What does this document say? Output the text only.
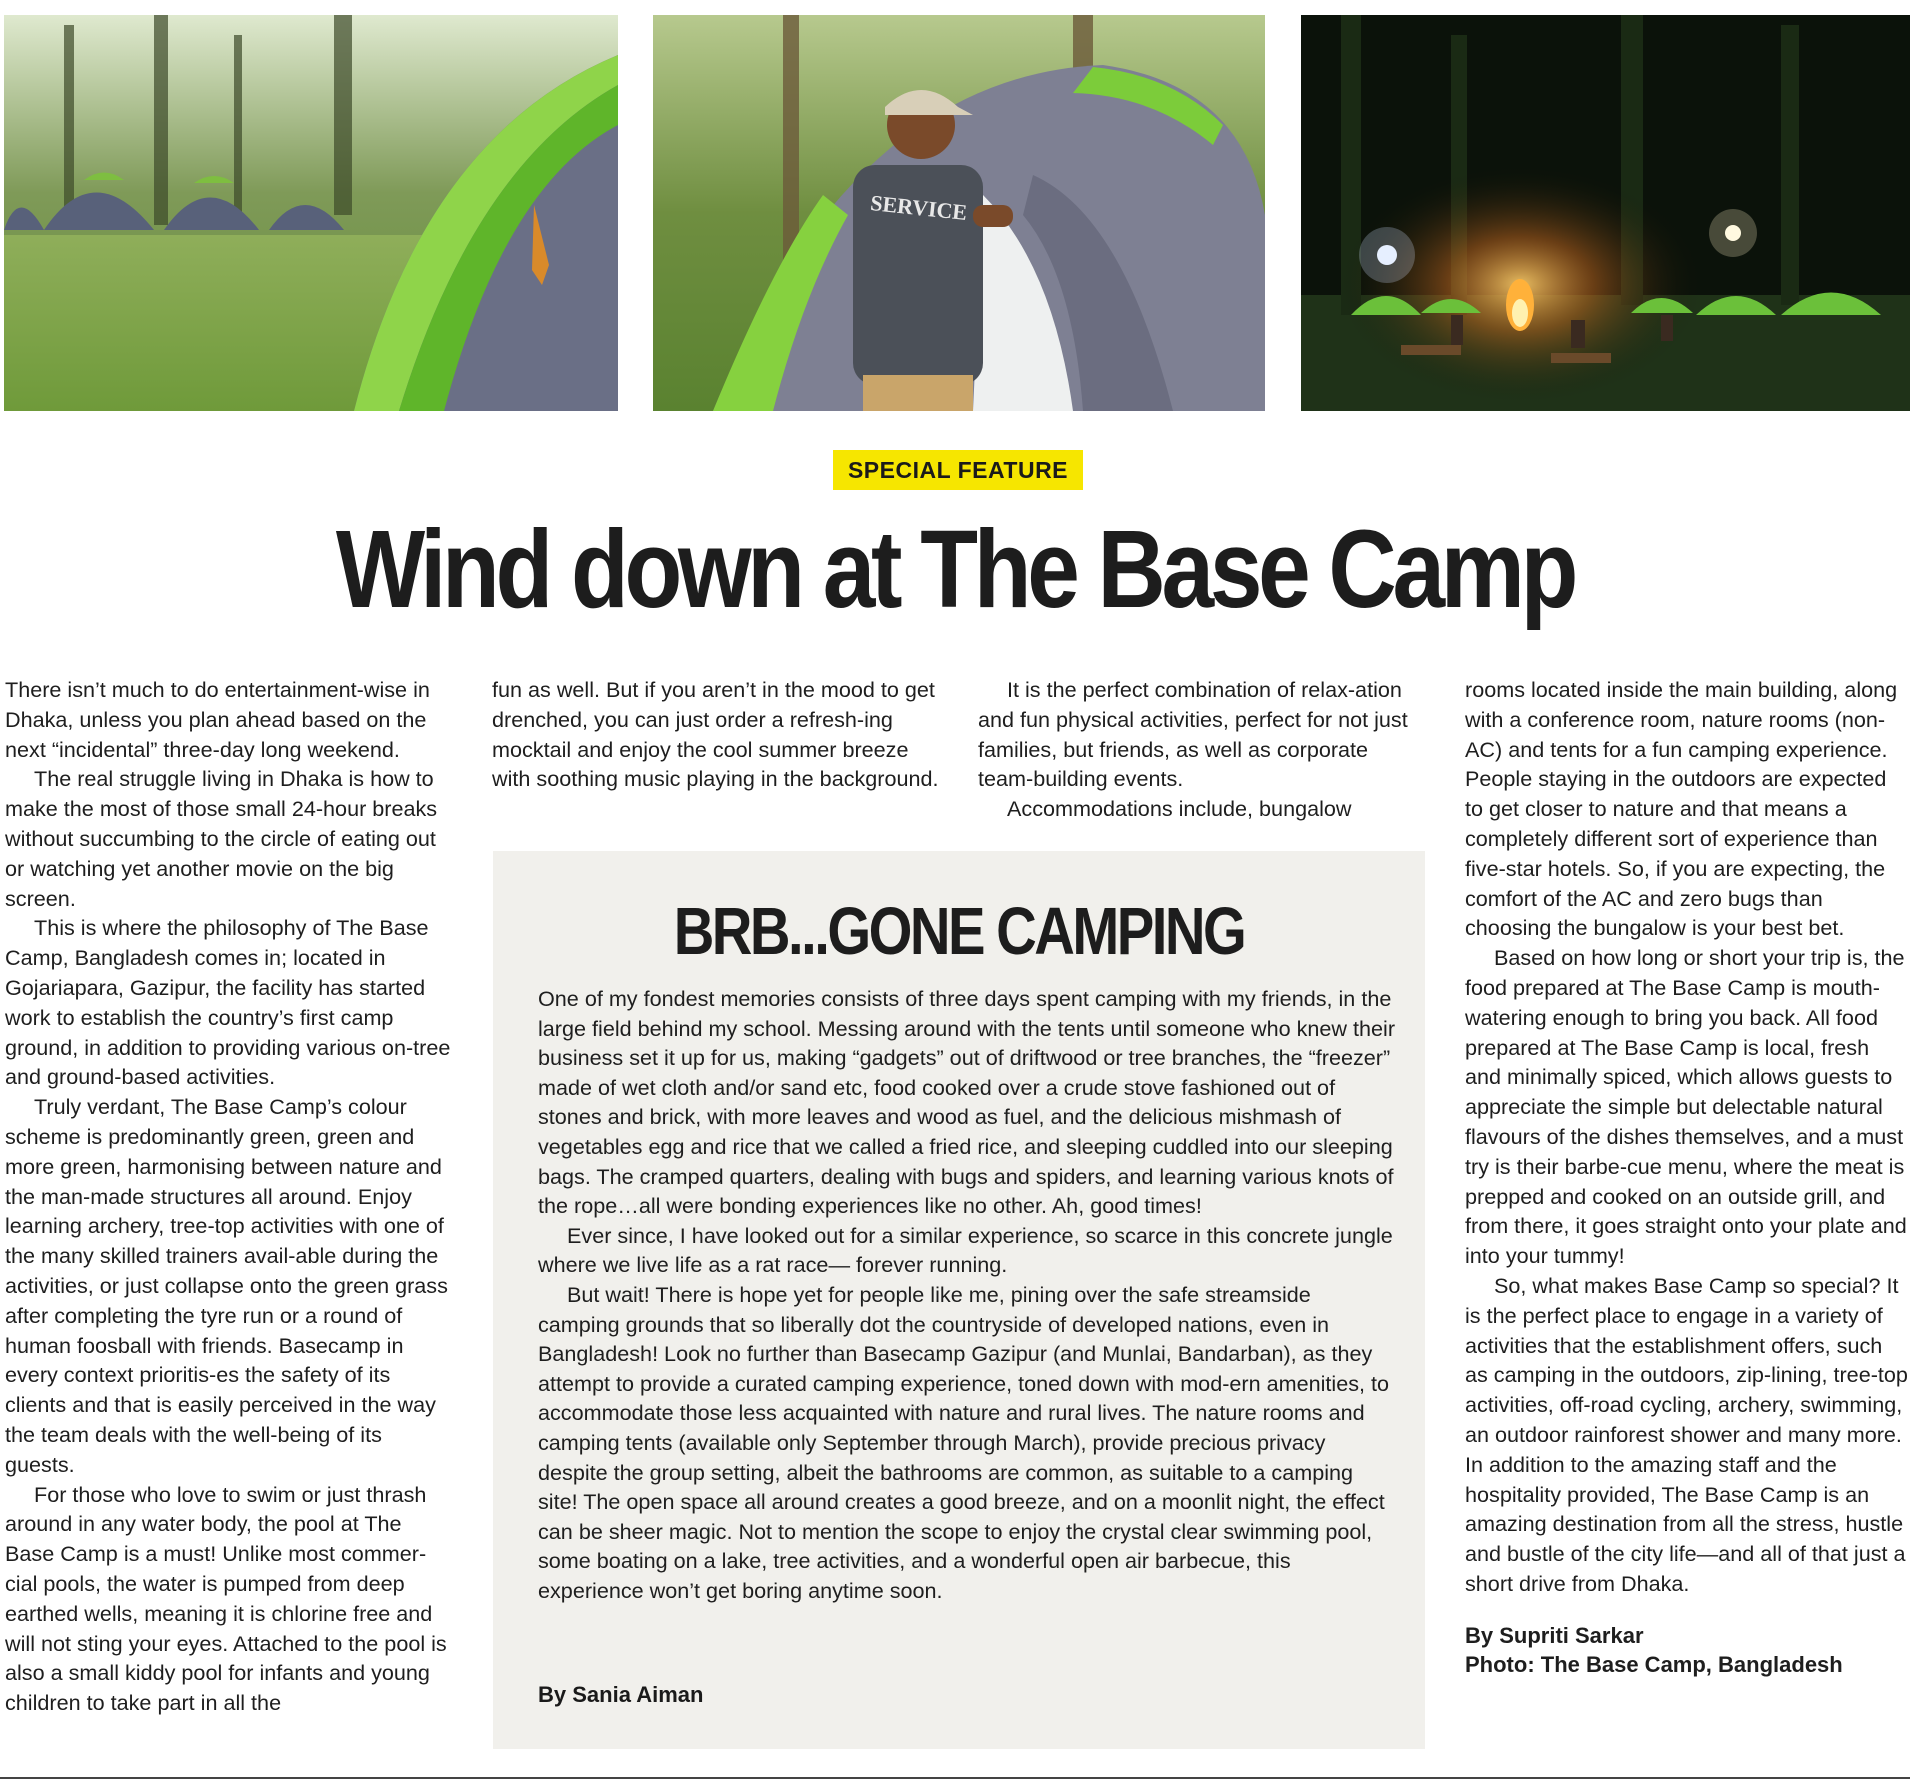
SERVICE
SPECIAL FEATURE
Wind down at The Base Camp

There isn’t much to do entertainment-wise in Dhaka, unless you plan ahead based on the next “incidental” three-day long weekend.

The real struggle living in Dhaka is how to make the most of those small 24-hour breaks without succumbing to the circle of eating out or watching yet another movie on the big screen.

This is where the philosophy of The Base Camp, Bangladesh comes in; located in Gojariapara, Gazipur, the facility has started work to establish the country’s first camp ground, in addition to providing various on-tree and ground-based activities.

Truly verdant, The Base Camp’s colour scheme is predominantly green, green and more green, harmonising between nature and the man-made structures all around. Enjoy learning archery, tree-top activities with one of the many skilled trainers avail-able during the activities, or just collapse onto the green grass after completing the tyre run or a round of human foosball with friends. Basecamp in every context prioritis-es the safety of its clients and that is easily perceived in the way the team deals with the well-being of its guests.

For those who love to swim or just thrash around in any water body, the pool at The Base Camp is a must! Unlike most commer-cial pools, the water is pumped from deep earthed wells, meaning it is chlorine free and will not sting your eyes. Attached to the pool is also a small kiddy pool for infants and young children to take part in all the

fun as well. But if you aren’t in the mood to get drenched, you can just order a refresh-ing mocktail and enjoy the cool summer breeze with soothing music playing in the background.

It is the perfect combination of relax-ation and fun physical activities, perfect for not just families, but friends, as well as corporate team-building events.

Accommodations include, bungalow

rooms located inside the main building, along with a conference room, nature rooms (non-AC) and tents for a fun camping experience. People staying in the outdoors are expected to get closer to nature and that means a completely different sort of experience than five-star hotels. So, if you are expecting, the comfort of the AC and zero bugs than choosing the bungalow is your best bet.

Based on how long or short your trip is, the food prepared at The Base Camp is mouth-watering enough to bring you back. All food prepared at The Base Camp is local, fresh and minimally spiced, which allows guests to appreciate the simple but delectable natural flavours of the dishes themselves, and a must try is their barbe-cue menu, where the meat is prepped and cooked on an outside grill, and from there, it goes straight onto your plate and into your tummy!

So, what makes Base Camp so special? It is the perfect place to engage in a variety of activities that the establishment offers, such as camping in the outdoors, zip-lining, tree-top activities, off-road cycling, archery, swimming, an outdoor rainforest shower and many more. In addition to the amazing staff and the hospitality provided, The Base Camp is an amazing destination from all the stress, hustle and bustle of the city life—and all of that just a short drive from Dhaka.

By Supriti Sarkar
Photo: The Base Camp, Bangladesh
BRB...GONE CAMPING

One of my fondest memories consists of three days spent camping with my friends, in the large field behind my school. Messing around with the tents until someone who knew their business set it up for us, making “gadgets” out of driftwood or tree branches, the “freezer” made of wet cloth and/or sand etc, food cooked over a crude stove fashioned out of stones and brick, with more leaves and wood as fuel, and the delicious mishmash of vegetables egg and rice that we called a fried rice, and sleeping cuddled into our sleeping bags. The cramped quarters, dealing with bugs and spiders, and learning various knots of the rope…all were bonding experiences like no other. Ah, good times!

Ever since, I have looked out for a similar experience, so scarce in this concrete jungle where we live life as a rat race— forever running.

But wait! There is hope yet for people like me, pining over the safe streamside camping grounds that so liberally dot the countryside of developed nations, even in Bangladesh! Look no further than Basecamp Gazipur (and Munlai, Bandarban), as they attempt to provide a curated camping experience, toned down with mod-ern amenities, to accommodate those less acquainted with nature and rural lives. The nature rooms and camping tents (available only September through March), provide precious privacy despite the group setting, albeit the bathrooms are common, as suitable to a camping site! The open space all around creates a good breeze, and on a moonlit night, the effect can be sheer magic. Not to mention the scope to enjoy the crystal clear swimming pool, some boating on a lake, tree activities, and a wonderful open air barbecue, this experience won’t get boring anytime soon.

By Sania Aiman
